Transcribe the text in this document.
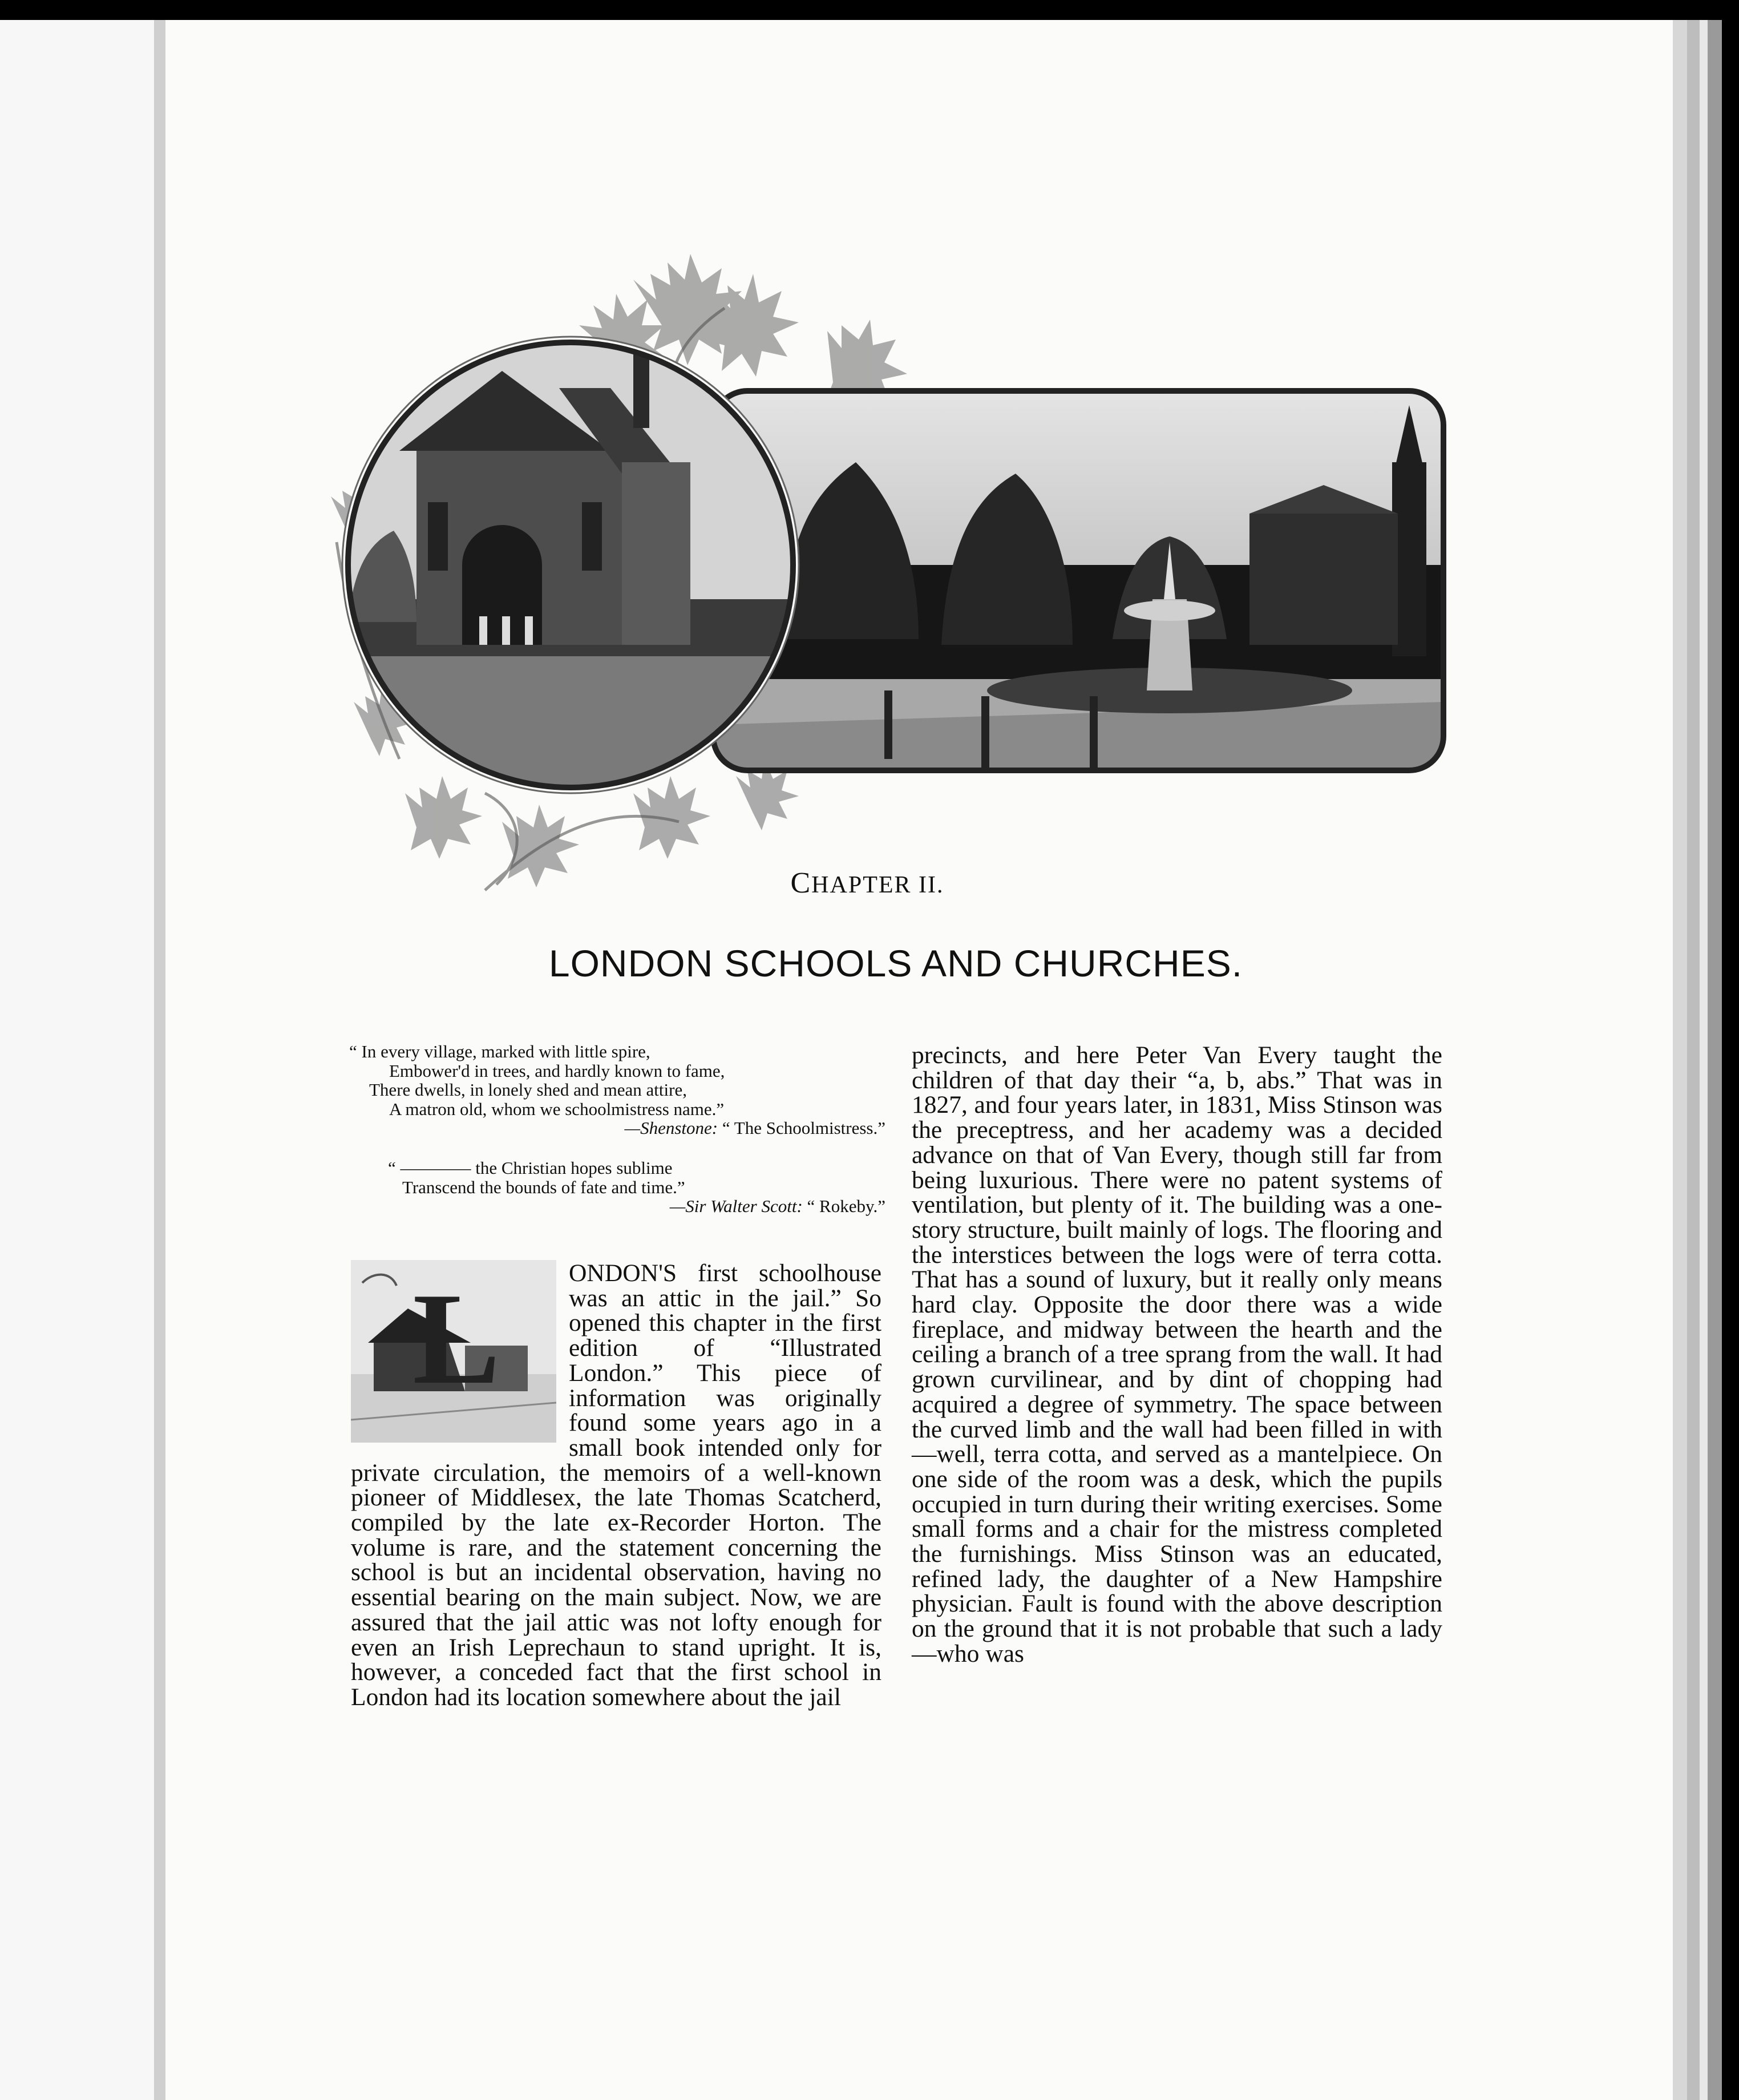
CHAPTER II.
LONDON SCHOOLS AND CHURCHES.
“ In every village, marked with little spire,
Embower'd in trees, and hardly known to fame,
There dwells, in lonely shed and mean attire,
A matron old, whom we schoolmistress name.”
—Shenstone: “ The Schoolmistress.”
“ ———— the Christian hopes sublime
Transcend the bounds of fate and time.”
—Sir Walter Scott: “ Rokeby.”
L	ONDON'S first schoolhouse was an attic in the jail.” So opened this chapter in the first edition of “Illustrated London.” This piece of information was originally found some years ago in a small book intended only for private circulation, the memoirs of a well-known pioneer of Middlesex, the late Thomas Scatcherd, compiled by the late ex-Recorder Horton. The volume is rare, and the statement concerning the school is but an incidental observation, having no essential bearing on the main subject. Now, we are assured that the jail attic was not lofty enough for even an Irish Leprechaun to stand upright. It is, however, a conceded fact that the first school in London had its location somewhere about the jail

precincts, and here Peter Van Every taught the children of that day their “a, b, abs.” That was in 1827, and four years later, in 1831, Miss Stinson was the preceptress, and her academy was a decided advance on that of Van Every, though still far from being luxurious. There were no patent systems of ventilation, but plenty of it. The building was a one-story structure, built mainly of logs. The flooring and the interstices between the logs were of terra cotta. That has a sound of luxury, but it really only means hard clay. Opposite the door there was a wide fireplace, and midway between the hearth and the ceiling a branch of a tree sprang from the wall. It had grown curvilinear, and by dint of chopping had acquired a degree of symmetry. The space between the curved limb and the wall had been filled in with—well, terra cotta, and served as a mantelpiece. On one side of the room was a desk, which the pupils occupied in turn during their writing exercises. Some small forms and a chair for the mistress completed the furnishings. Miss Stinson was an educated, refined lady, the daughter of a New Hampshire physician. Fault is found with the above description on the ground that it is not probable that such a lady—who was
